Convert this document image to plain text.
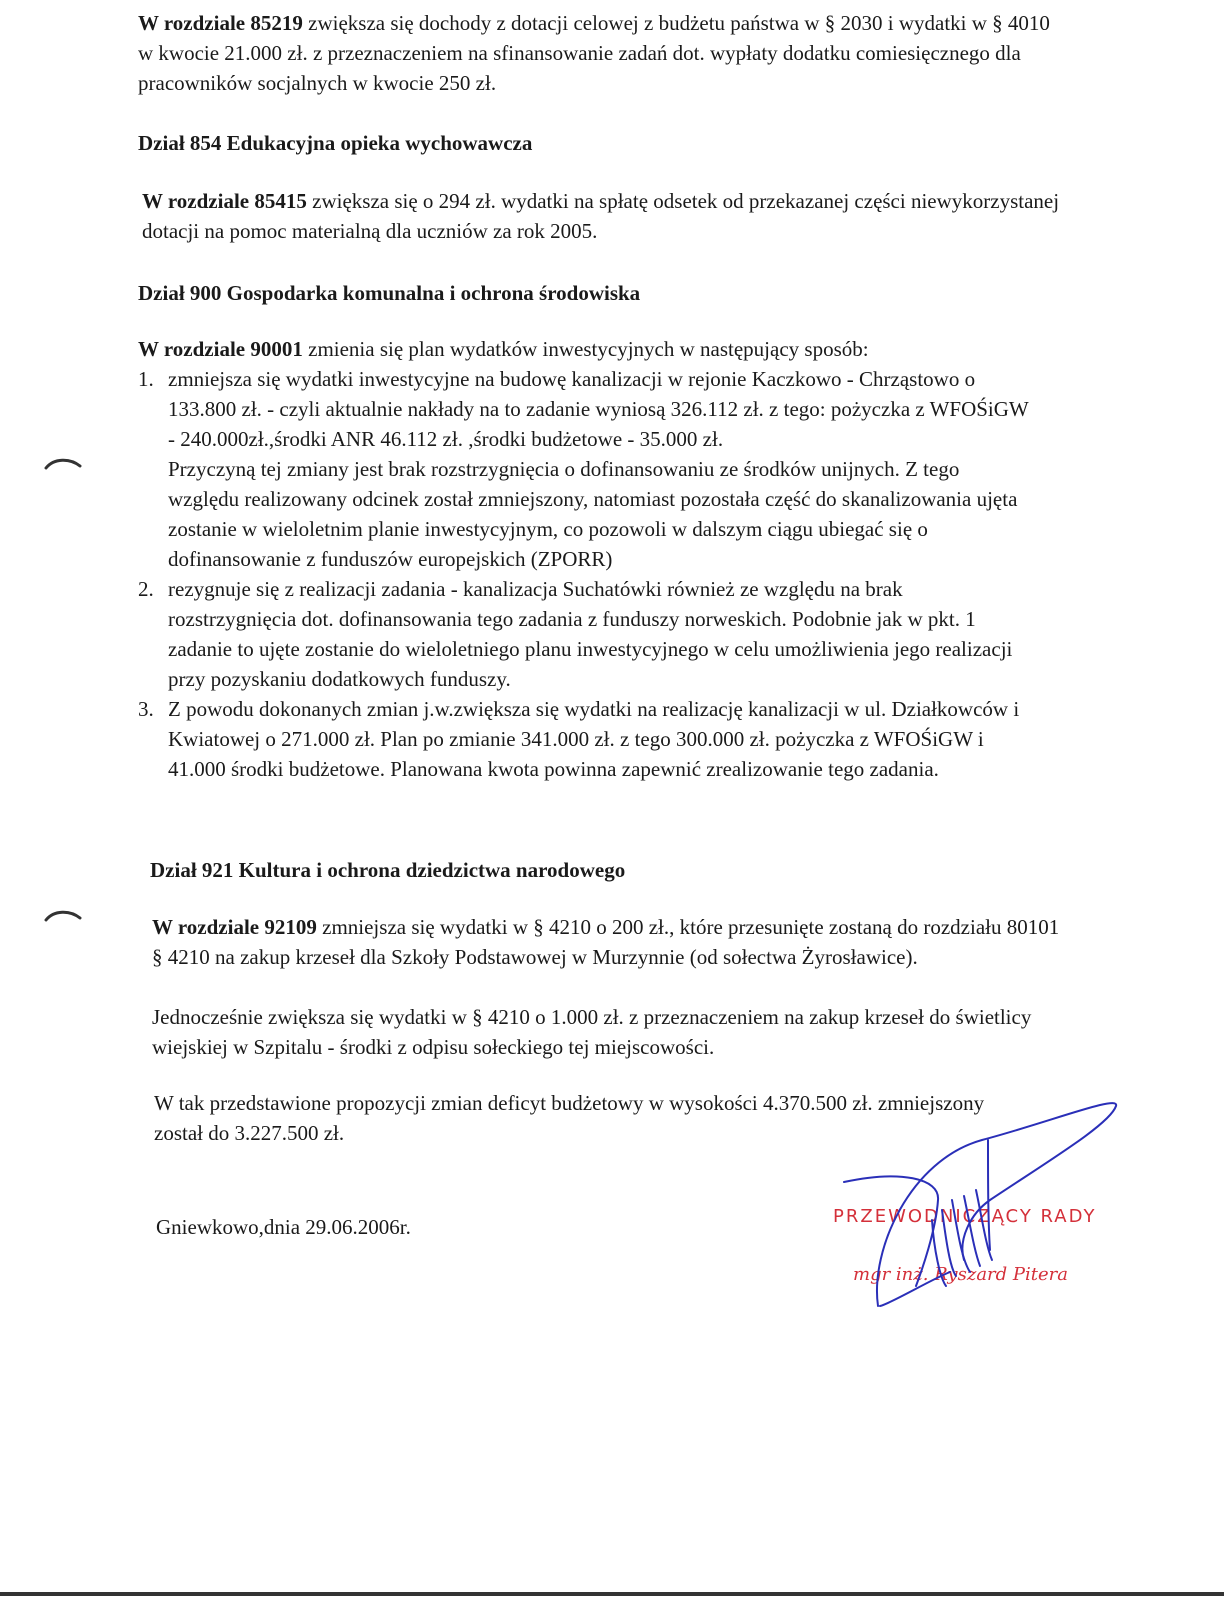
W rozdziale 85219 zwiększa się dochody z dotacji celowej z budżetu państwa w § 2030 i wydatki w § 4010 w kwocie 21.000 zł. z przeznaczeniem na sfinansowanie zadań dot. wypłaty dodatku comiesięcznego dla pracowników socjalnych w kwocie 250 zł.

Dział 854 Edukacyjna opieka wychowawcza

W rozdziale 85415 zwiększa się o 294 zł. wydatki na spłatę odsetek od przekazanej części niewykorzystanej dotacji na pomoc materialną dla uczniów za rok 2005.

Dział 900 Gospodarka komunalna i ochrona środowiska

W rozdziale 90001 zmienia się plan wydatków inwestycyjnych w następujący sposób:

1. zmniejsza się wydatki inwestycyjne na budowę kanalizacji w rejonie Kaczkowo - Chrząstowo o 133.800 zł. - czyli aktualnie nakłady na to zadanie wyniosą 326.112 zł. z tego: pożyczka z WFOŚiGW - 240.000zł.,środki ANR 46.112 zł. ,środki budżetowe - 35.000 zł.
Przyczyną tej zmiany jest brak rozstrzygnięcia o dofinansowaniu ze środków unijnych. Z tego względu realizowany odcinek został zmniejszony, natomiast pozostała część do skanalizowania ujęta zostanie w wieloletnim planie inwestycyjnym, co pozowoli w dalszym ciągu ubiegać się o dofinansowanie z funduszów europejskich (ZPORR)
2. rezygnuje się z realizacji zadania - kanalizacja Suchatówki również ze względu na brak rozstrzygnięcia dot. dofinansowania tego zadania z funduszy norweskich. Podobnie jak w pkt. 1 zadanie to ujęte zostanie do wieloletniego planu inwestycyjnego w celu umożliwienia jego realizacji przy pozyskaniu dodatkowych funduszy.
3. Z powodu dokonanych zmian j.w.zwiększa się wydatki na realizację kanalizacji w ul. Działkowców i Kwiatowej o 271.000 zł. Plan po zmianie 341.000 zł. z tego 300.000 zł. pożyczka z WFOŚiGW i 41.000 środki budżetowe. Planowana kwota powinna zapewnić zrealizowanie tego zadania.
Dział 921 Kultura i ochrona dziedzictwa narodowego

W rozdziale 92109 zmniejsza się wydatki w § 4210 o 200 zł., które przesunięte zostaną do rozdziału 80101 § 4210 na zakup krzeseł dla Szkoły Podstawowej w Murzynnie (od sołectwa Żyrosławice).

Jednocześnie zwiększa się wydatki w § 4210 o 1.000 zł. z przeznaczeniem na zakup krzeseł do świetlicy wiejskiej w Szpitalu - środki z odpisu sołeckiego tej miejscowości.

W tak przedstawione propozycji zmian deficyt budżetowy w wysokości 4.370.500 zł. zmniejszony został do 3.227.500 zł.

Gniewkowo,dnia 29.06.2006r.	PRZEWODNICZĄCY RADY
mgr inż. Ryszard Pitera
